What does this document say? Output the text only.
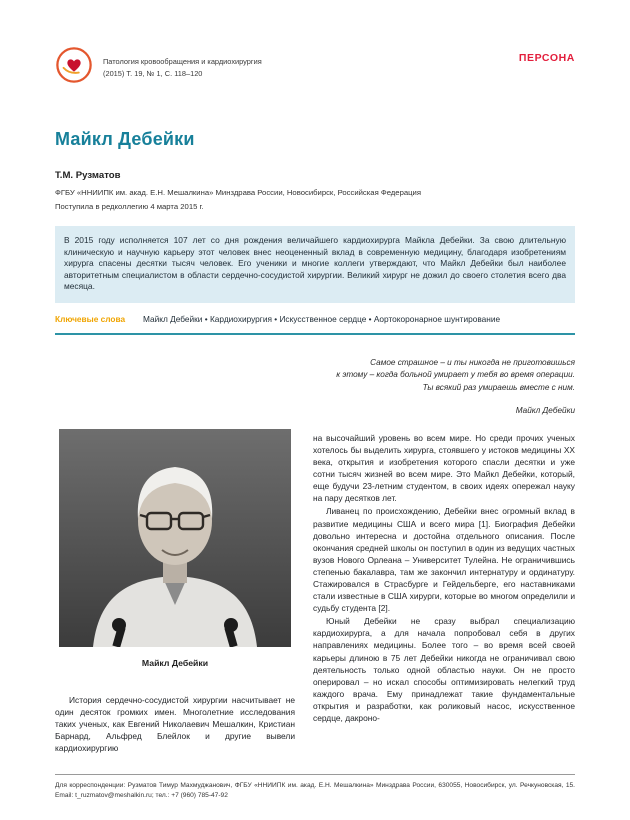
Патология кровообращения и кардиохирургия
(2015) Т. 19, № 1, С. 118–120
ПЕРСОНА
Майкл Дебейки
Т.М. Рузматов
ФГБУ «ННИИПК им. акад. Е.Н. Мешалкина» Минздрава России, Новосибирск, Российская Федерация
Поступила в редколлегию 4 марта 2015 г.
В 2015 году исполняется 107 лет со дня рождения величайшего кардиохирурга Майкла Дебейки. За свою длительную клиническую и научную карьеру этот человек внес неоцененный вклад в современную медицину, благодаря изобретениям хирурга спасены десятки тысяч человек. Его ученики и многие коллеги утверждают, что Майкл Дебейки был наиболее авторитетным специалистом в области сердечно-сосудистой хирургии. Великий хирург не дожил до своего столетия всего два месяца.
Ключевые слова	Майкл Дебейки • Кардиохирургия • Искусственное сердце • Аортокоронарное шунтирование
Майкл Дебейки

История сердечно-сосудистой хирургии насчитывает не один десяток громких имен. Многолетние исследования таких ученых, как Евгений Николаевич Мешалкин, Кристиан Барнард, Альфред Блейлок и другие вывели кардиохирургию

Самое страшное – и ты никогда не приготовишься
к этому – когда больной умирает у тебя во время операции.
Ты всякий раз умираешь вместе с ним.
Майкл Дебейки

на высочайший уровень во всем мире. Но среди прочих ученых хотелось бы выделить хирурга, стоявшего у истоков медицины XX века, открытия и изобретения которого спасли десятки и уже сотни тысяч жизней во всем мире. Это Майкл Дебейки, который, еще будучи 23-летним студентом, в своих идеях опережал науку на пару десятков лет.

Ливанец по происхождению, Дебейки внес огромный вклад в развитие медицины США и всего мира [1]. Биография Дебейки довольно интересна и достойна отдельного описания. После окончания средней школы он поступил в один из ведущих частных вузов Нового Орлеана – Университет Тулейна. Не ограничившись степенью бакалавра, там же закончил интернатуру и ординатуру. Стажировался в Страсбурге и Гейдельберге, его наставниками стали известные в США хирурги, которые во многом определили и судьбу студента [2].

Юный Дебейки не сразу выбрал специализацию кардиохирурга, а для начала попробовал себя в других направлениях медицины. Более того – во время всей своей карьеры длиною в 75 лет Дебейки никогда не ограничивал свою деятельность только одной областью науки. Он не просто оперировал – но искал способы оптимизировать нелегкий труд каждого врача. Ему принадлежат такие фундаментальные открытия и разработки, как роликовый насос, искусственное сердце, дакроно-

Для корреспонденции: Рузматов Тимур Махмуджанович, ФГБУ «ННИИПК им. акад. Е.Н. Мешалкина» Минздрава России, 630055, Новосибирск, ул. Речкуновская, 15. Email: t_ruzmatov@meshalkin.ru; тел.: +7 (960) 785-47-92
